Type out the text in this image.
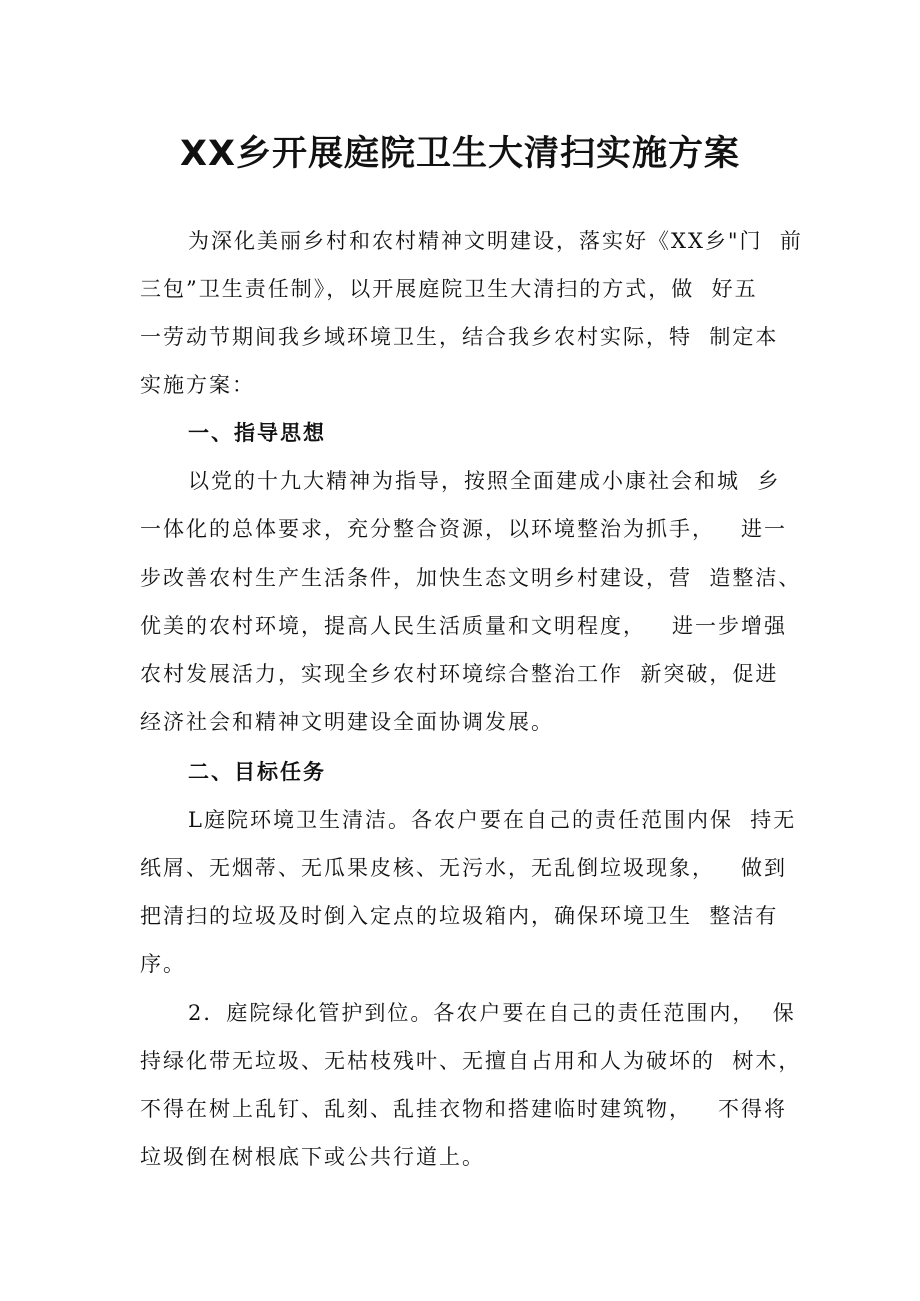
XX乡开展庭院卫生大清扫实施方案
为深化美丽乡村和农村精神文明建设，落实好《XX乡"门  前
三包”卫生责任制》，以开展庭院卫生大清扫的方式，做  好五
一劳动节期间我乡域环境卫生，结合我乡农村实际，特  制定本
实施方案：
一、指导思想
以党的十九大精神为指导，按照全面建成小康社会和城  乡
一体化的总体要求，充分整合资源，以环境整治为抓手，   进一
步改善农村生产生活条件，加快生态文明乡村建设，营  造整洁、
优美的农村环境，提高人民生活质量和文明程度，   进一步增强
农村发展活力，实现全乡农村环境综合整治工作  新突破，促进
经济社会和精神文明建设全面协调发展。
二、目标任务
L庭院环境卫生清洁。各农户要在自己的责任范围内保  持无
纸屑、无烟蒂、无瓜果皮核、无污水，无乱倒垃圾现象，   做到
把清扫的垃圾及时倒入定点的垃圾箱内，确保环境卫生  整洁有
序。
2．庭院绿化管护到位。各农户要在自己的责任范围内，  保
持绿化带无垃圾、无枯枝残叶、无擅自占用和人为破坏的  树木，
不得在树上乱钉、乱刻、乱挂衣物和搭建临时建筑物，   不得将
垃圾倒在树根底下或公共行道上。
